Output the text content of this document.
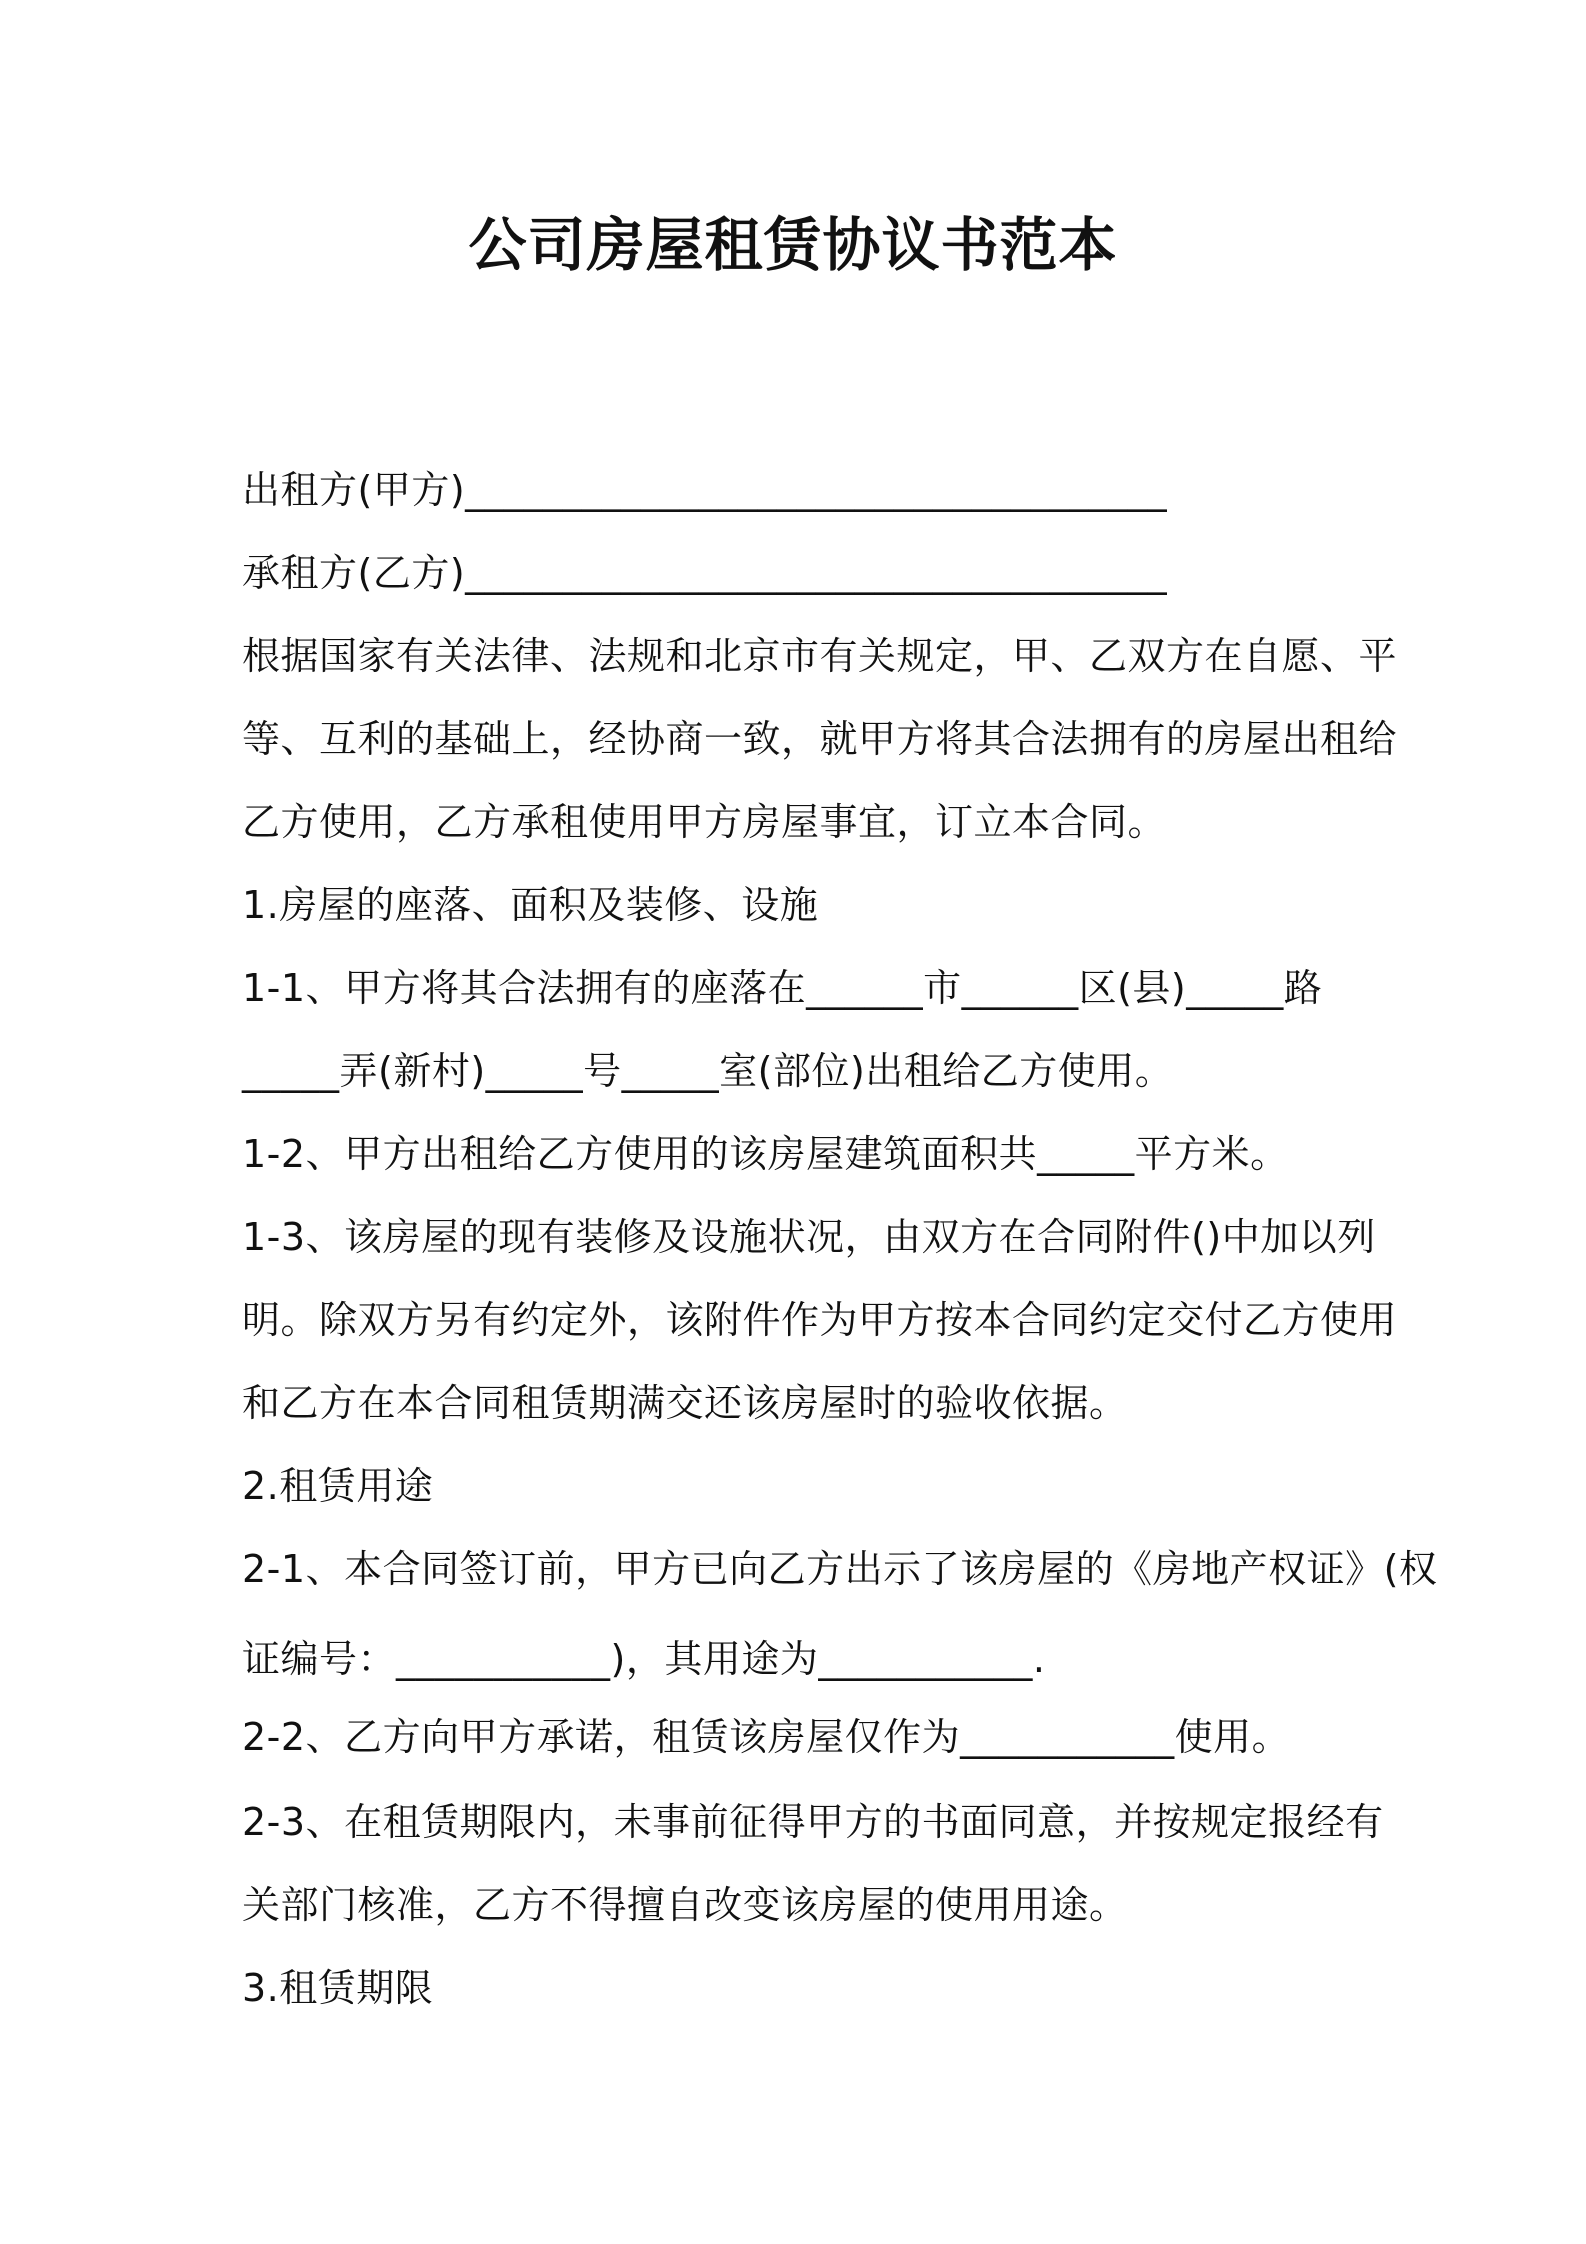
公司房屋租赁协议书范本
出租方(甲方)____________________________________
承租方(乙方)____________________________________
根据国家有关法律、法规和北京市有关规定，甲、乙双方在自愿、平
等、互利的基础上，经协商一致，就甲方将其合法拥有的房屋出租给
乙方使用，乙方承租使用甲方房屋事宜，订立本合同。
1.房屋的座落、面积及装修、设施
1-1、甲方将其合法拥有的座落在______市______区(县)_____路
_____弄(新村)_____号_____室(部位)出租给乙方使用。
1-2、甲方出租给乙方使用的该房屋建筑面积共_____平方米。
1-3、该房屋的现有装修及设施状况，由双方在合同附件()中加以列
明。除双方另有约定外，该附件作为甲方按本合同约定交付乙方使用
和乙方在本合同租赁期满交还该房屋时的验收依据。
2.租赁用途
2-1、本合同签订前，甲方已向乙方出示了该房屋的《房地产权证》(权
证编号：___________)，其用途为___________.
2-2、乙方向甲方承诺，租赁该房屋仅作为___________使用。
2-3、在租赁期限内，未事前征得甲方的书面同意，并按规定报经有
关部门核准，乙方不得擅自改变该房屋的使用用途。
3.租赁期限
